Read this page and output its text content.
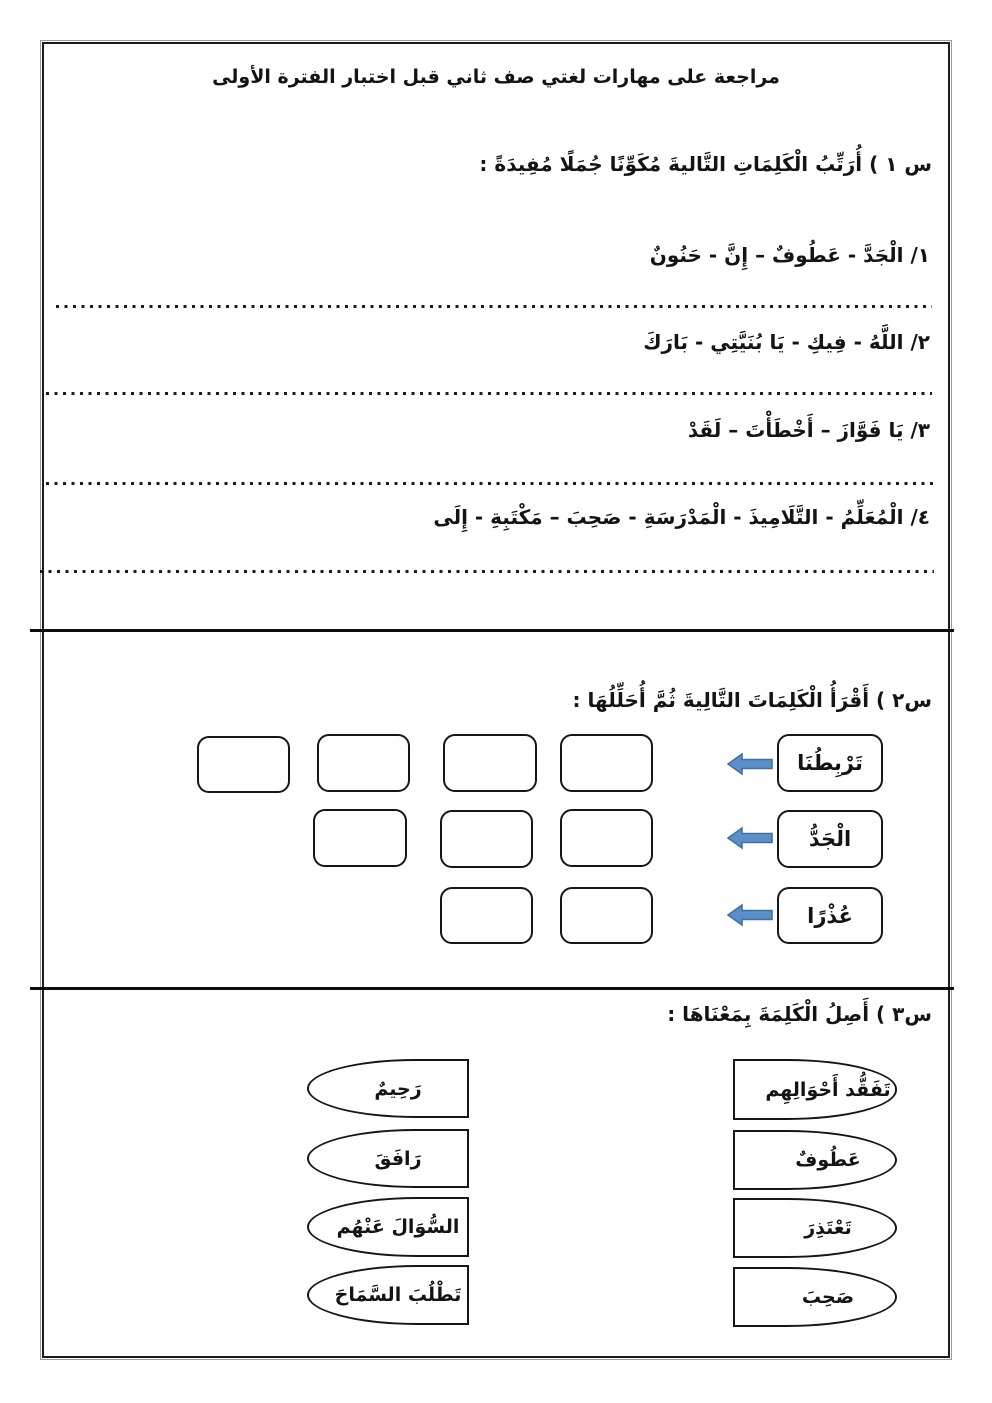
مراجعة على مهارات لغتي صف ثاني قبل اختبار الفترة الأولى
س ١ ) أُرَتِّبُ الْكَلِمَاتِ التَّاليةَ مُكَوِّنًا جُمَلًا مُفِيدَةً :
١/ الْجَدَّ - عَطُوفٌ – إِنَّ - حَنُونٌ
٢/ اللَّهُ - فِيكِ - يَا بُنَيَّتِي - بَارَكَ
٣/ يَا فَوَّازَ – أَخْطَأْتَ – لَقَدْ
٤/ الْمُعَلِّمُ - التَّلَامِيذَ - الْمَدْرَسَةِ - صَحِبَ – مَكْتَبِةِ - إِلَى
س٢ ) أَقْرَأُ الْكَلِمَاتَ التَّالِيةَ ثُمَّ أُحَلِّلُهَا :
تَرْبِطُنَا
الْجَدُّ
عُذْرًا
س٣ ) أَصِلُ الْكَلِمَةَ بِمَعْنَاهَا :
تَفَقُّد أَحْوَالِهِم
عَطُوفٌ
تَعْتَذِرَ
صَحِبَ
رَحِيمٌ
رَافَقَ
السُّوَالَ عَنْهُم
تَطْلُبَ السَّمَاحَ
